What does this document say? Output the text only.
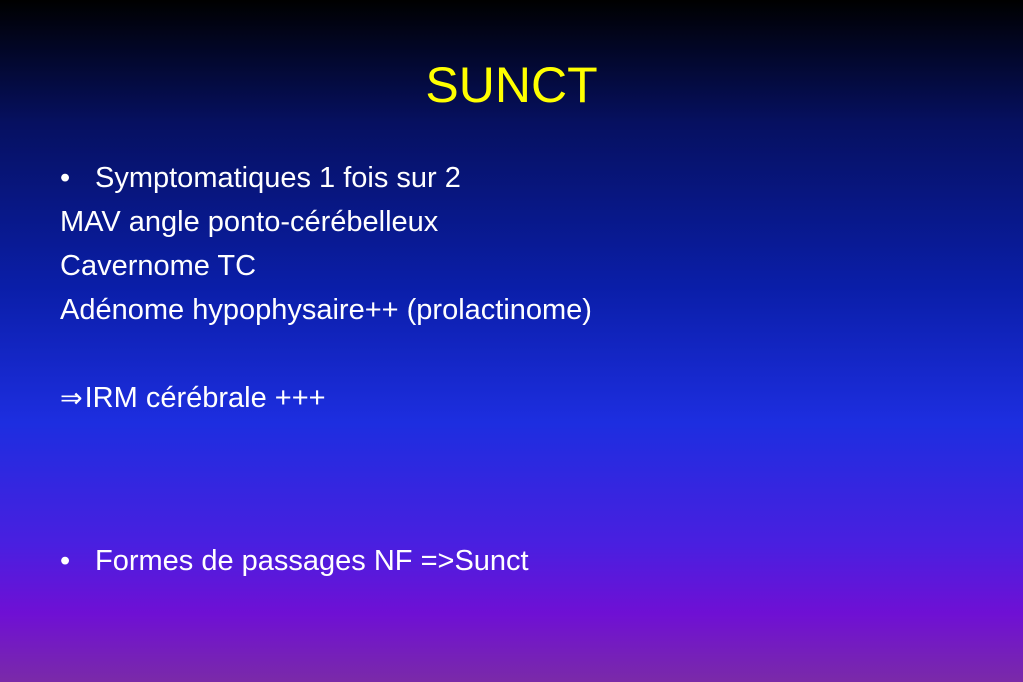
SUNCT
• Symptomatiques 1 fois sur 2
MAV angle ponto-cérébelleux
Cavernome TC
Adénome hypophysaire++ (prolactinome)
⇒IRM cérébrale +++
• Formes de passages NF =>Sunct
